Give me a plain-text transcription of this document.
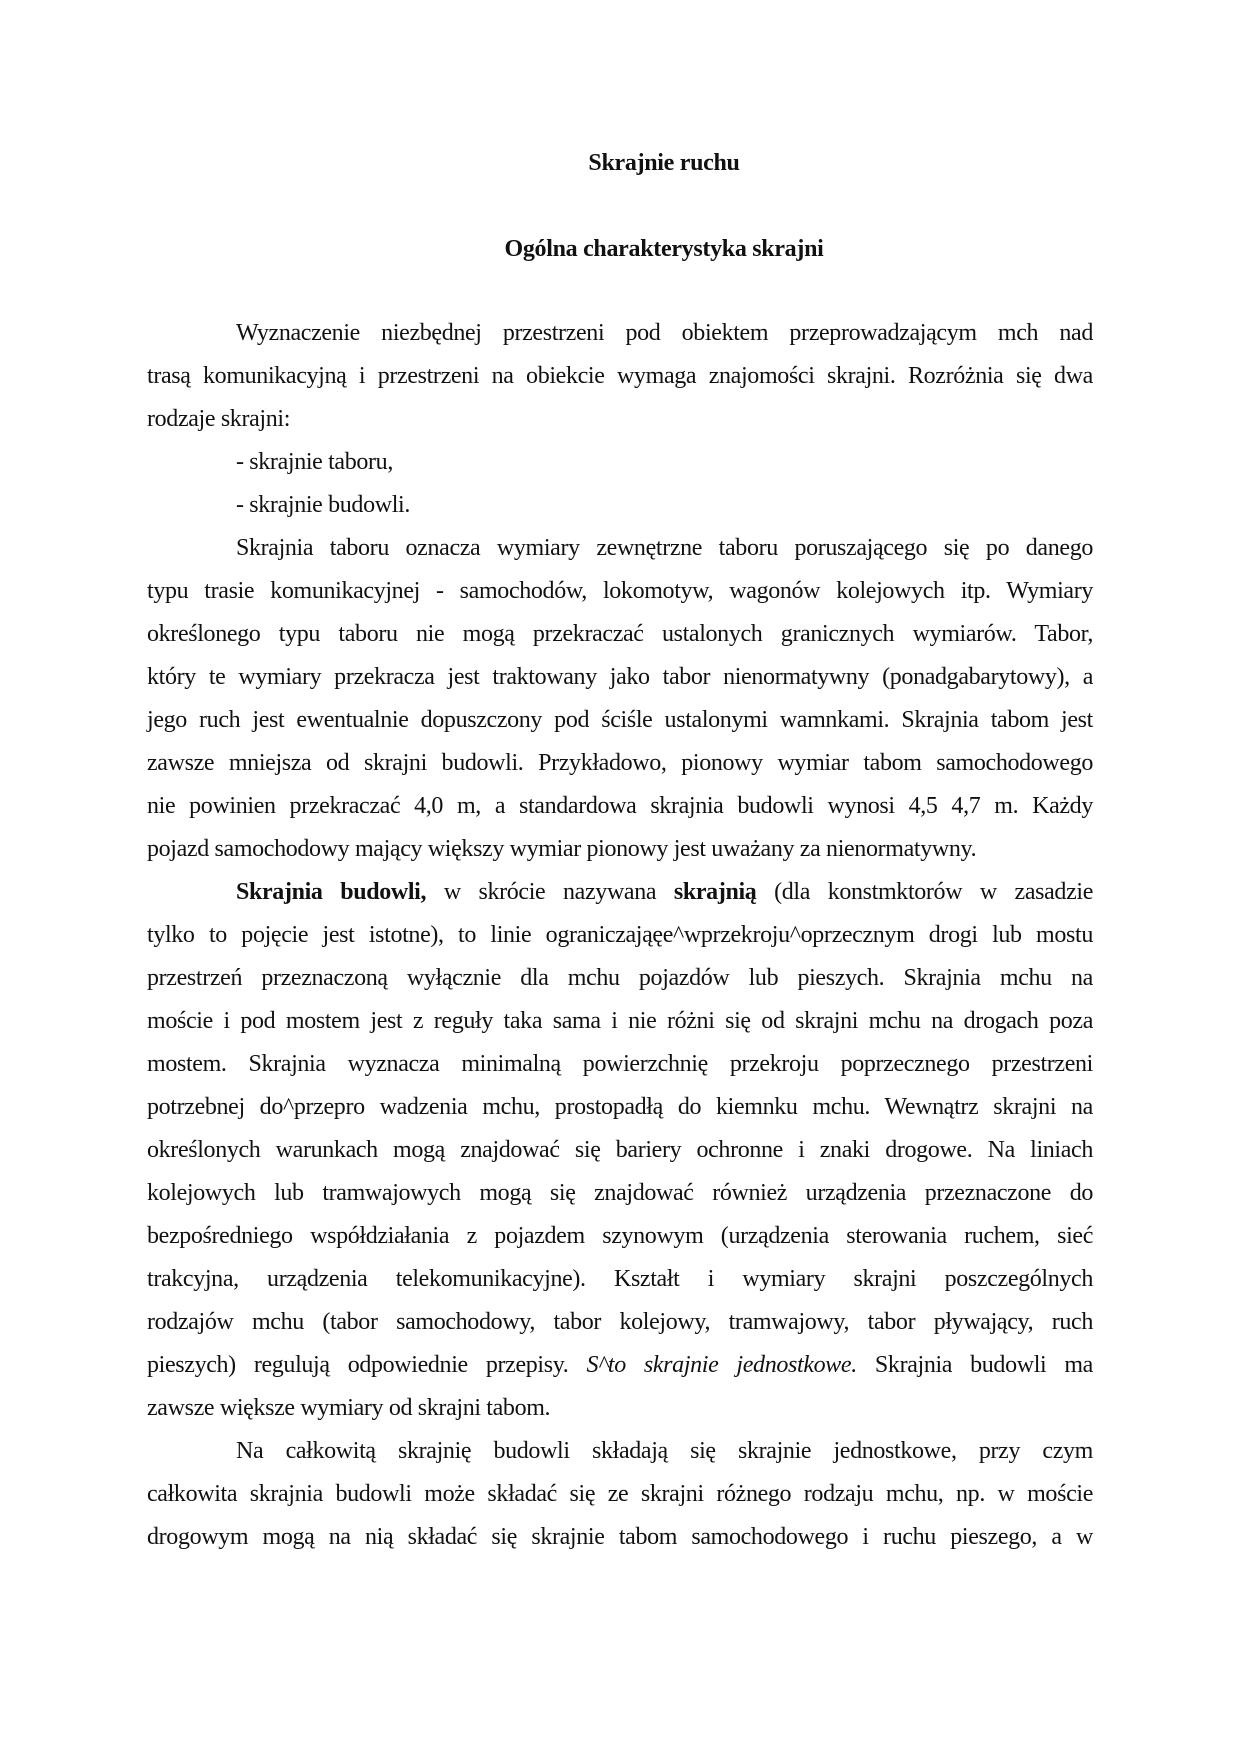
Skrajnie ruchu
Ogólna charakterystyka skrajni
Wyznaczenie niezbędnej przestrzeni pod obiektem przeprowadzającym mch nad
trasą komunikacyjną i przestrzeni na obiekcie wymaga znajomości skrajni. Rozróżnia się dwa
rodzaje skrajni:
- skrajnie taboru,
- skrajnie budowli.
Skrajnia taboru oznacza wymiary zewnętrzne taboru poruszającego się po danego
typu trasie komunikacyjnej - samochodów, lokomotyw, wagonów kolejowych itp. Wymiary
określonego typu taboru nie mogą przekraczać ustalonych granicznych wymiarów. Tabor,
który te wymiary przekracza jest traktowany jako tabor nienormatywny (ponadgabarytowy), a
jego ruch jest ewentualnie dopuszczony pod ściśle ustalonymi wamnkami. Skrajnia tabom jest
zawsze mniejsza od skrajni budowli. Przykładowo, pionowy wymiar tabom samochodowego
nie powinien przekraczać 4,0 m, a standardowa skrajnia budowli wynosi 4,5 4,7 m. Każdy
pojazd samochodowy mający większy wymiar pionowy jest uważany za nienormatywny.
Skrajnia budowli, w skrócie nazywana skrajnią (dla konstmktorów w zasadzie
tylko to pojęcie jest istotne), to linie ograniczająęe^wprzekroju^oprzecznym drogi lub mostu
przestrzeń przeznaczoną wyłącznie dla mchu pojazdów lub pieszych. Skrajnia mchu na
moście i pod mostem jest z reguły taka sama i nie różni się od skrajni mchu na drogach poza
mostem. Skrajnia wyznacza minimalną powierzchnię przekroju poprzecznego przestrzeni
potrzebnej do^przepro wadzenia mchu, prostopadłą do kiemnku mchu. Wewnątrz skrajni na
określonych warunkach mogą znajdować się bariery ochronne i znaki drogowe. Na liniach
kolejowych lub tramwajowych mogą się znajdować również urządzenia przeznaczone do
bezpośredniego współdziałania z pojazdem szynowym (urządzenia sterowania ruchem, sieć
trakcyjna, urządzenia telekomunikacyjne). Kształt i wymiary skrajni poszczególnych
rodzajów mchu (tabor samochodowy, tabor kolejowy, tramwajowy, tabor pływający, ruch
pieszych) regulują odpowiednie przepisy. S^to skrajnie jednostkowe. Skrajnia budowli ma
zawsze większe wymiary od skrajni tabom.
Na całkowitą skrajnię budowli składają się skrajnie jednostkowe, przy czym
całkowita skrajnia budowli może składać się ze skrajni różnego rodzaju mchu, np. w moście
drogowym mogą na nią składać się skrajnie tabom samochodowego i ruchu pieszego, a w
